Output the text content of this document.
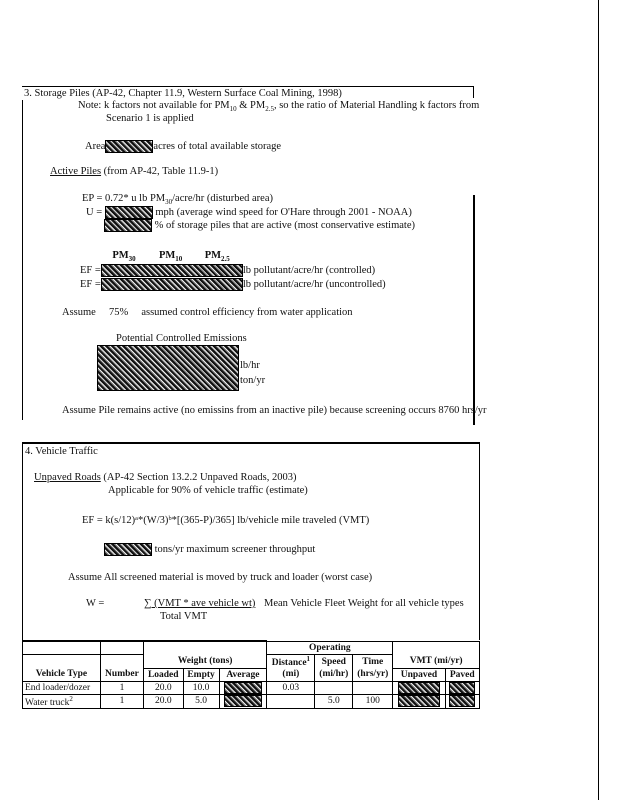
3. Storage Piles (AP-42, Chapter 11.9, Western Surface Coal Mining, 1998)
Note: k factors not available for $PM_{10}$ & $PM_{2.5}$, so the ratio of Material Handling k factors from
Scenario 1 is applied
Area	acres of total available storage
Active Piles (from AP-42, Table 11.9-1)
EP = 0.72* u lb $PM_{30}/acre/hr$ (disturbed area)
U =	mph (average wind speed for O'Hare through 2001 - NOAA)
% of storage piles that are active (most conservative estimate)
$PM_{30}$ $PM_{10}$ $PM_{2.5}$
EF =	lb pollutant/acre/hr (controlled)
EF =	lb pollutant/acre/hr (uncontrolled)
Assume 75% assumed control efficiency from water application
Potential Controlled Emissions
lb/hr
ton/yr
Assume Pile remains active (no emissins from an inactive pile) because screening occurs 8760 hrs/yr
4. Vehicle Traffic
Unpaved Roads (AP-42 Section 13.2.2 Unpaved Roads, 2003)
Applicable for 90% of vehicle traffic (estimate)
EF = k(s/12)ᵃ*(W/3)ᵇ*[(365-P)/365] lb/vehicle mile traveled (VMT)
tons/yr maximum screener throughput
Assume All screened material is moved by truck and loader (worst case)
W =	∑ (VMT * ave vehicle wt)
Total VMT
Mean Vehicle Fleet Weight for all vehicle types
					Operating				
		Weight (tons)			Distance$^1$	Speed	Time	VMT (mi/yr)	
Vehicle Type	Number	Loaded	Empty	Average	(mi)	(mi/hr)	(hrs/yr)	Unpaved	Paved
End loader/dozer	1	20.0	10.0		0.03				
Water truck$^2$	1	20.0	5.0			5.0	100		
